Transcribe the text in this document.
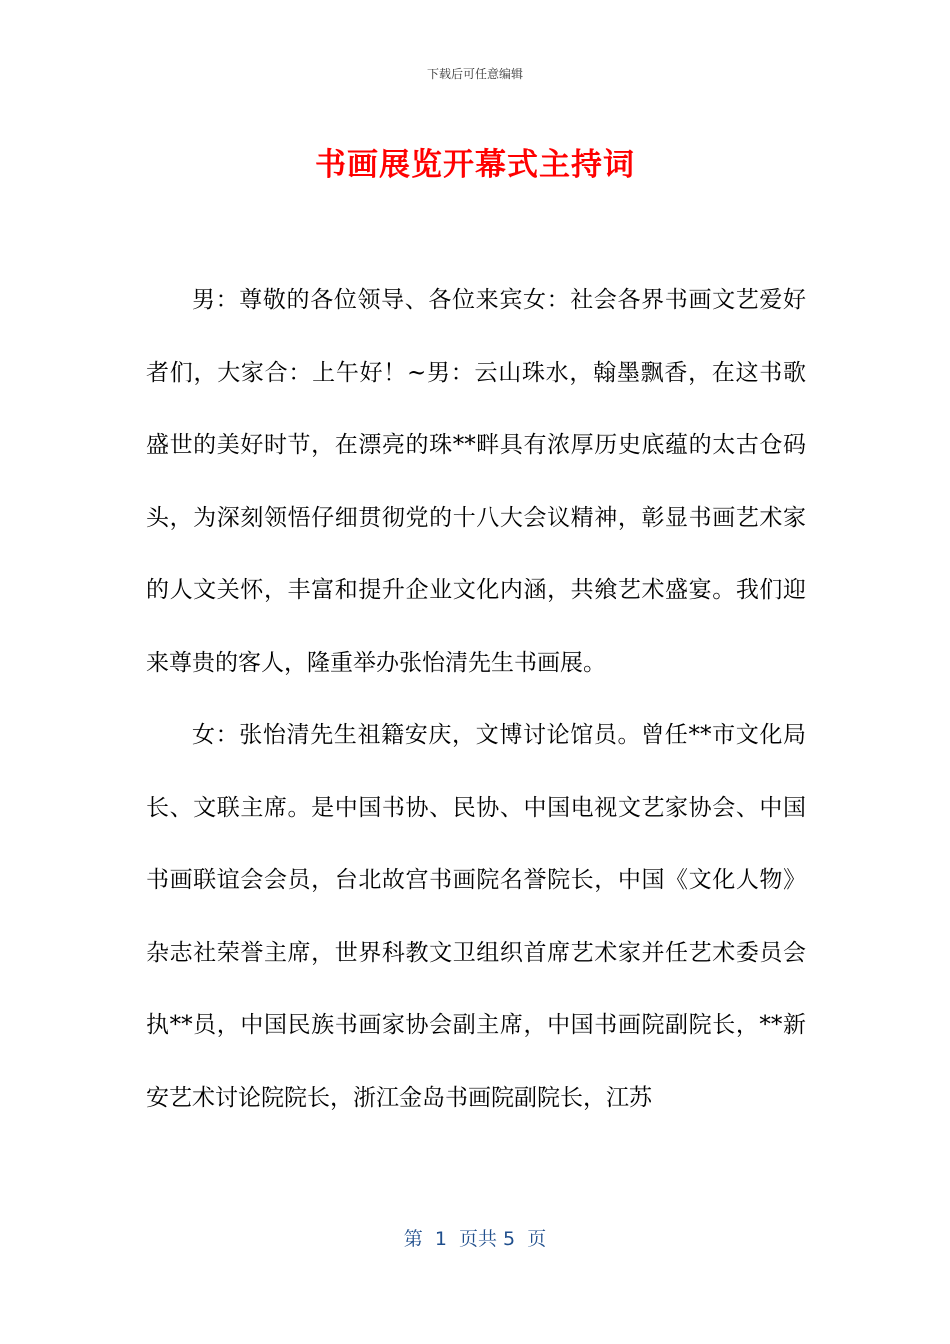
下载后可任意编辑
书画展览开幕式主持词

男：尊敬的各位领导、各位来宾女：社会各界书画文艺爱好者们，大家合：上午好！~男：云山珠水，翰墨飘香，在这书歌盛世的美好时节，在漂亮的珠**畔具有浓厚历史底蕴的太古仓码头，为深刻领悟仔细贯彻党的十八大会议精神，彰显书画艺术家的人文关怀，丰富和提升企业文化内涵，共飨艺术盛宴。我们迎来尊贵的客人，隆重举办张怡清先生书画展。

女：张怡清先生祖籍安庆，文博讨论馆员。曾任**市文化局长、文联主席。是中国书协、民协、中国电视文艺家协会、中国书画联谊会会员，台北故宫书画院名誉院长，中国《文化人物》杂志社荣誉主席，世界科教文卫组织首席艺术家并任艺术委员会执**员，中国民族书画家协会副主席，中国书画院副院长，**新安艺术讨论院院长，浙江金岛书画院副院长，江苏

第  1  页共 5  页
